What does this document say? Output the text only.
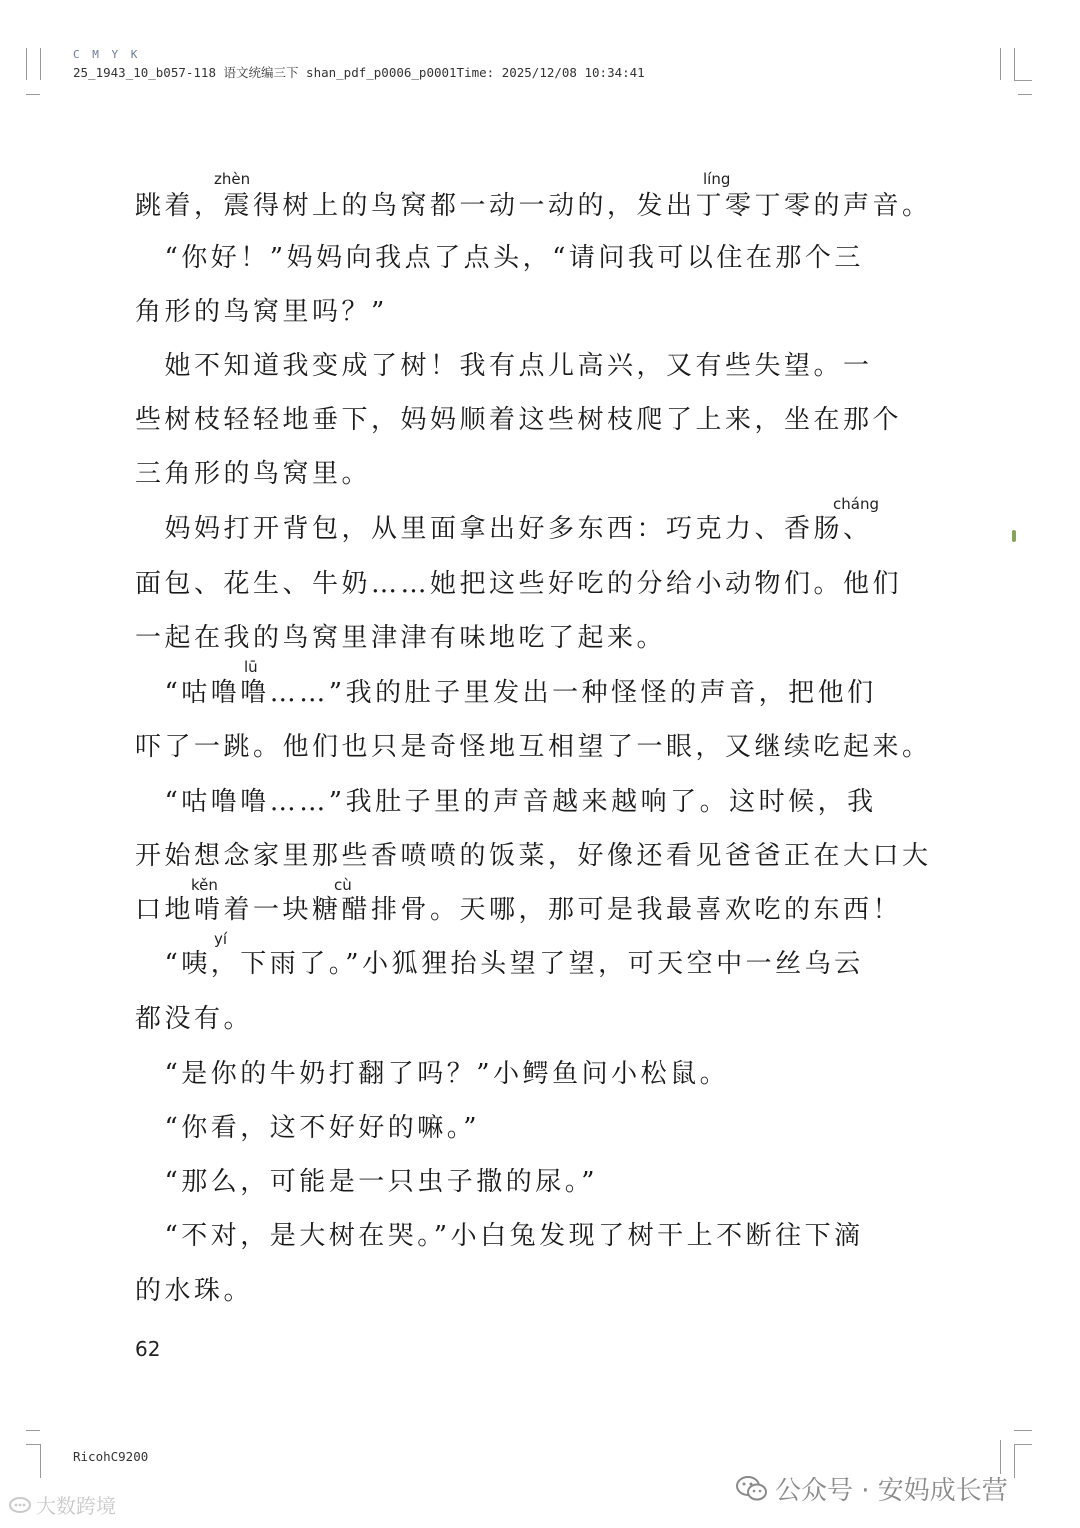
C M Y K
25_1943_10_b057-118 语文统编三下 shan_pdf_p0006_p0001Time: 2025/12/08 10:34:41
跳着，震得树上的鸟窝都一动一动的，发出丁零丁零的声音。
　“你好！”妈妈向我点了点头，“请问我可以住在那个三
角形的鸟窝里吗？”
　她不知道我变成了树！我有点儿高兴，又有些失望。一
些树枝轻轻地垂下，妈妈顺着这些树枝爬了上来，坐在那个
三角形的鸟窝里。
　妈妈打开背包，从里面拿出好多东西：巧克力、香肠、
面包、花生、牛奶……她把这些好吃的分给小动物们。他们
一起在我的鸟窝里津津有味地吃了起来。
　“咕噜噜……”我的肚子里发出一种怪怪的声音，把他们
吓了一跳。他们也只是奇怪地互相望了一眼，又继续吃起来。
　“咕噜噜……”我肚子里的声音越来越响了。这时候，我
开始想念家里那些香喷喷的饭菜，好像还看见爸爸正在大口大
口地啃着一块糖醋排骨。天哪，那可是我最喜欢吃的东西！
　“咦，下雨了。”小狐狸抬头望了望，可天空中一丝乌云
都没有。
　“是你的牛奶打翻了吗？”小鳄鱼问小松鼠。
　“你看，这不好好的嘛。”
　“那么，可能是一只虫子撒的尿。”
　“不对，是大树在哭。”小白兔发现了树干上不断往下滴
的水珠。
zhèn	líng
cháng
lū
kěn	cù
yí
62
RicohC9200
大数跨境	公众号 · 安妈成长营
